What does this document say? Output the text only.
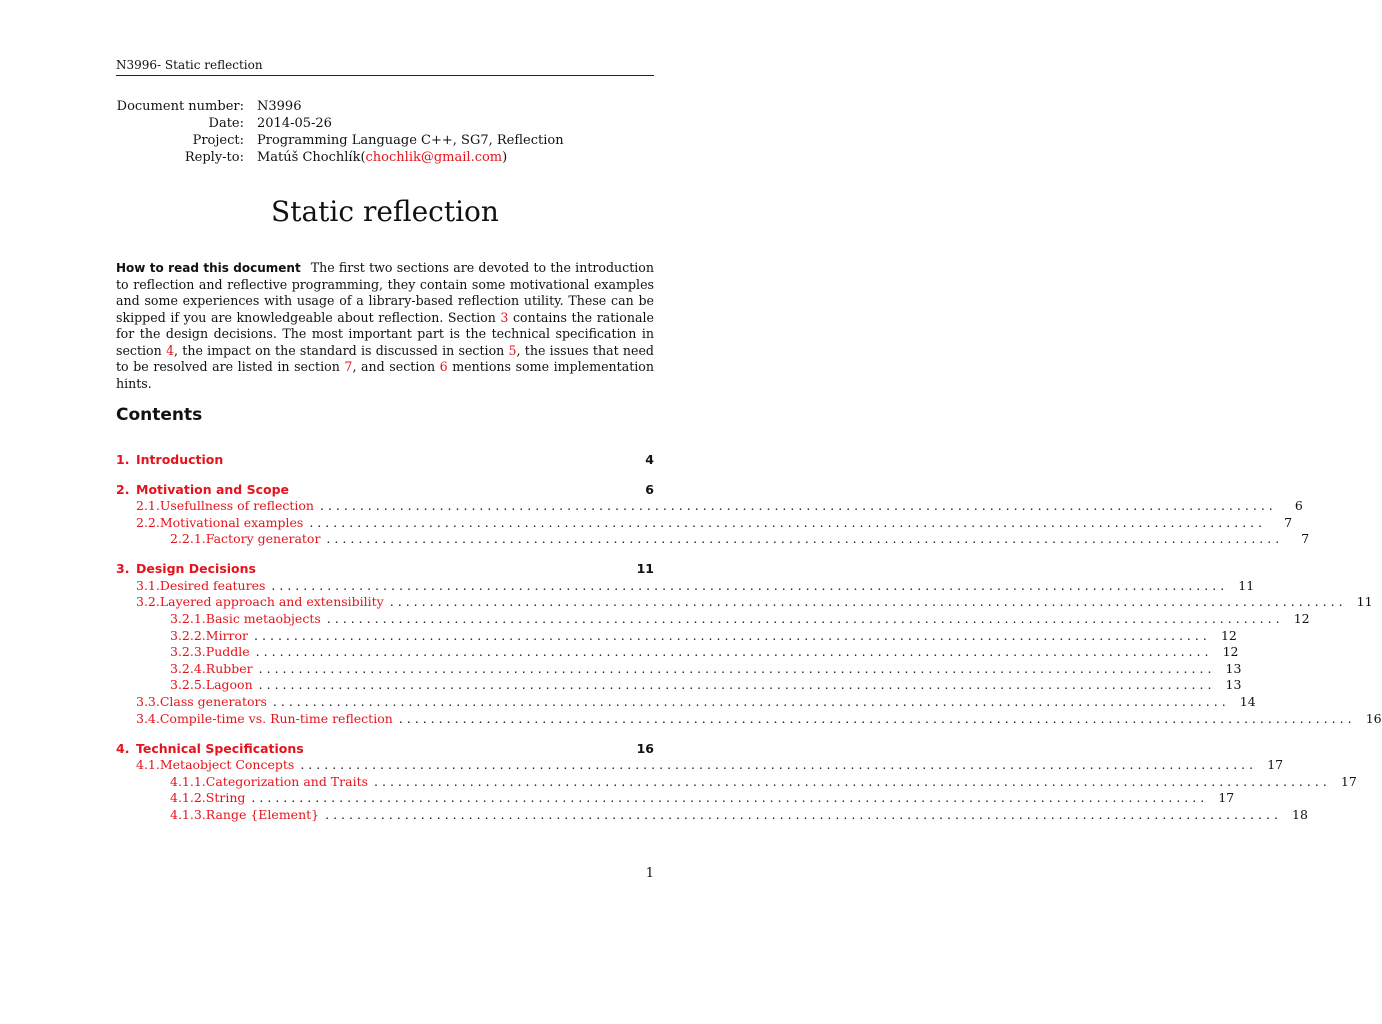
N3996- Static reflection
Document number:	N3996
Date:	2014-05-26
Project:	Programming Language C++, SG7, Reflection
Reply-to:	Matúš Chochlík(chochlik@gmail.com)
Static reflection
How to read this document The first two sections are devoted to the introduction to reflection and reflective programming, they contain some motivational examples and some experiences with usage of a library-based reflection utility. These can be skipped if you are knowledgeable about reflection. Section 3 contains the rationale for the design decisions. The most important part is the technical specification in section 4, the impact on the standard is discussed in section 5, the issues that need to be resolved are listed in section 7, and section 6 mentions some implementation hints.
Contents
1. Introduction	4
2. Motivation and Scope	6
2.1. Usefullness of reflection ........................................................................................................................	6
2.2. Motivational examples ........................................................................................................................	7
2.2.1. Factory generator ........................................................................................................................	7
3. Design Decisions	11
3.1. Desired features ........................................................................................................................ 11
3.2. Layered approach and extensibility ........................................................................................................................ 11
3.2.1. Basic metaobjects ........................................................................................................................ 12
3.2.2. Mirror ........................................................................................................................ 12
3.2.3. Puddle ........................................................................................................................ 12
3.2.4. Rubber ........................................................................................................................ 13
3.2.5. Lagoon ........................................................................................................................ 13
3.3. Class generators ........................................................................................................................ 14
3.4. Compile-time vs. Run-time reflection ........................................................................................................................ 16
4. Technical Specifications	16
4.1. Metaobject Concepts ........................................................................................................................ 17
4.1.1. Categorization and Traits ........................................................................................................................ 17
4.1.2. String ........................................................................................................................ 17
4.1.3. Range {Element} ........................................................................................................................ 18
1
